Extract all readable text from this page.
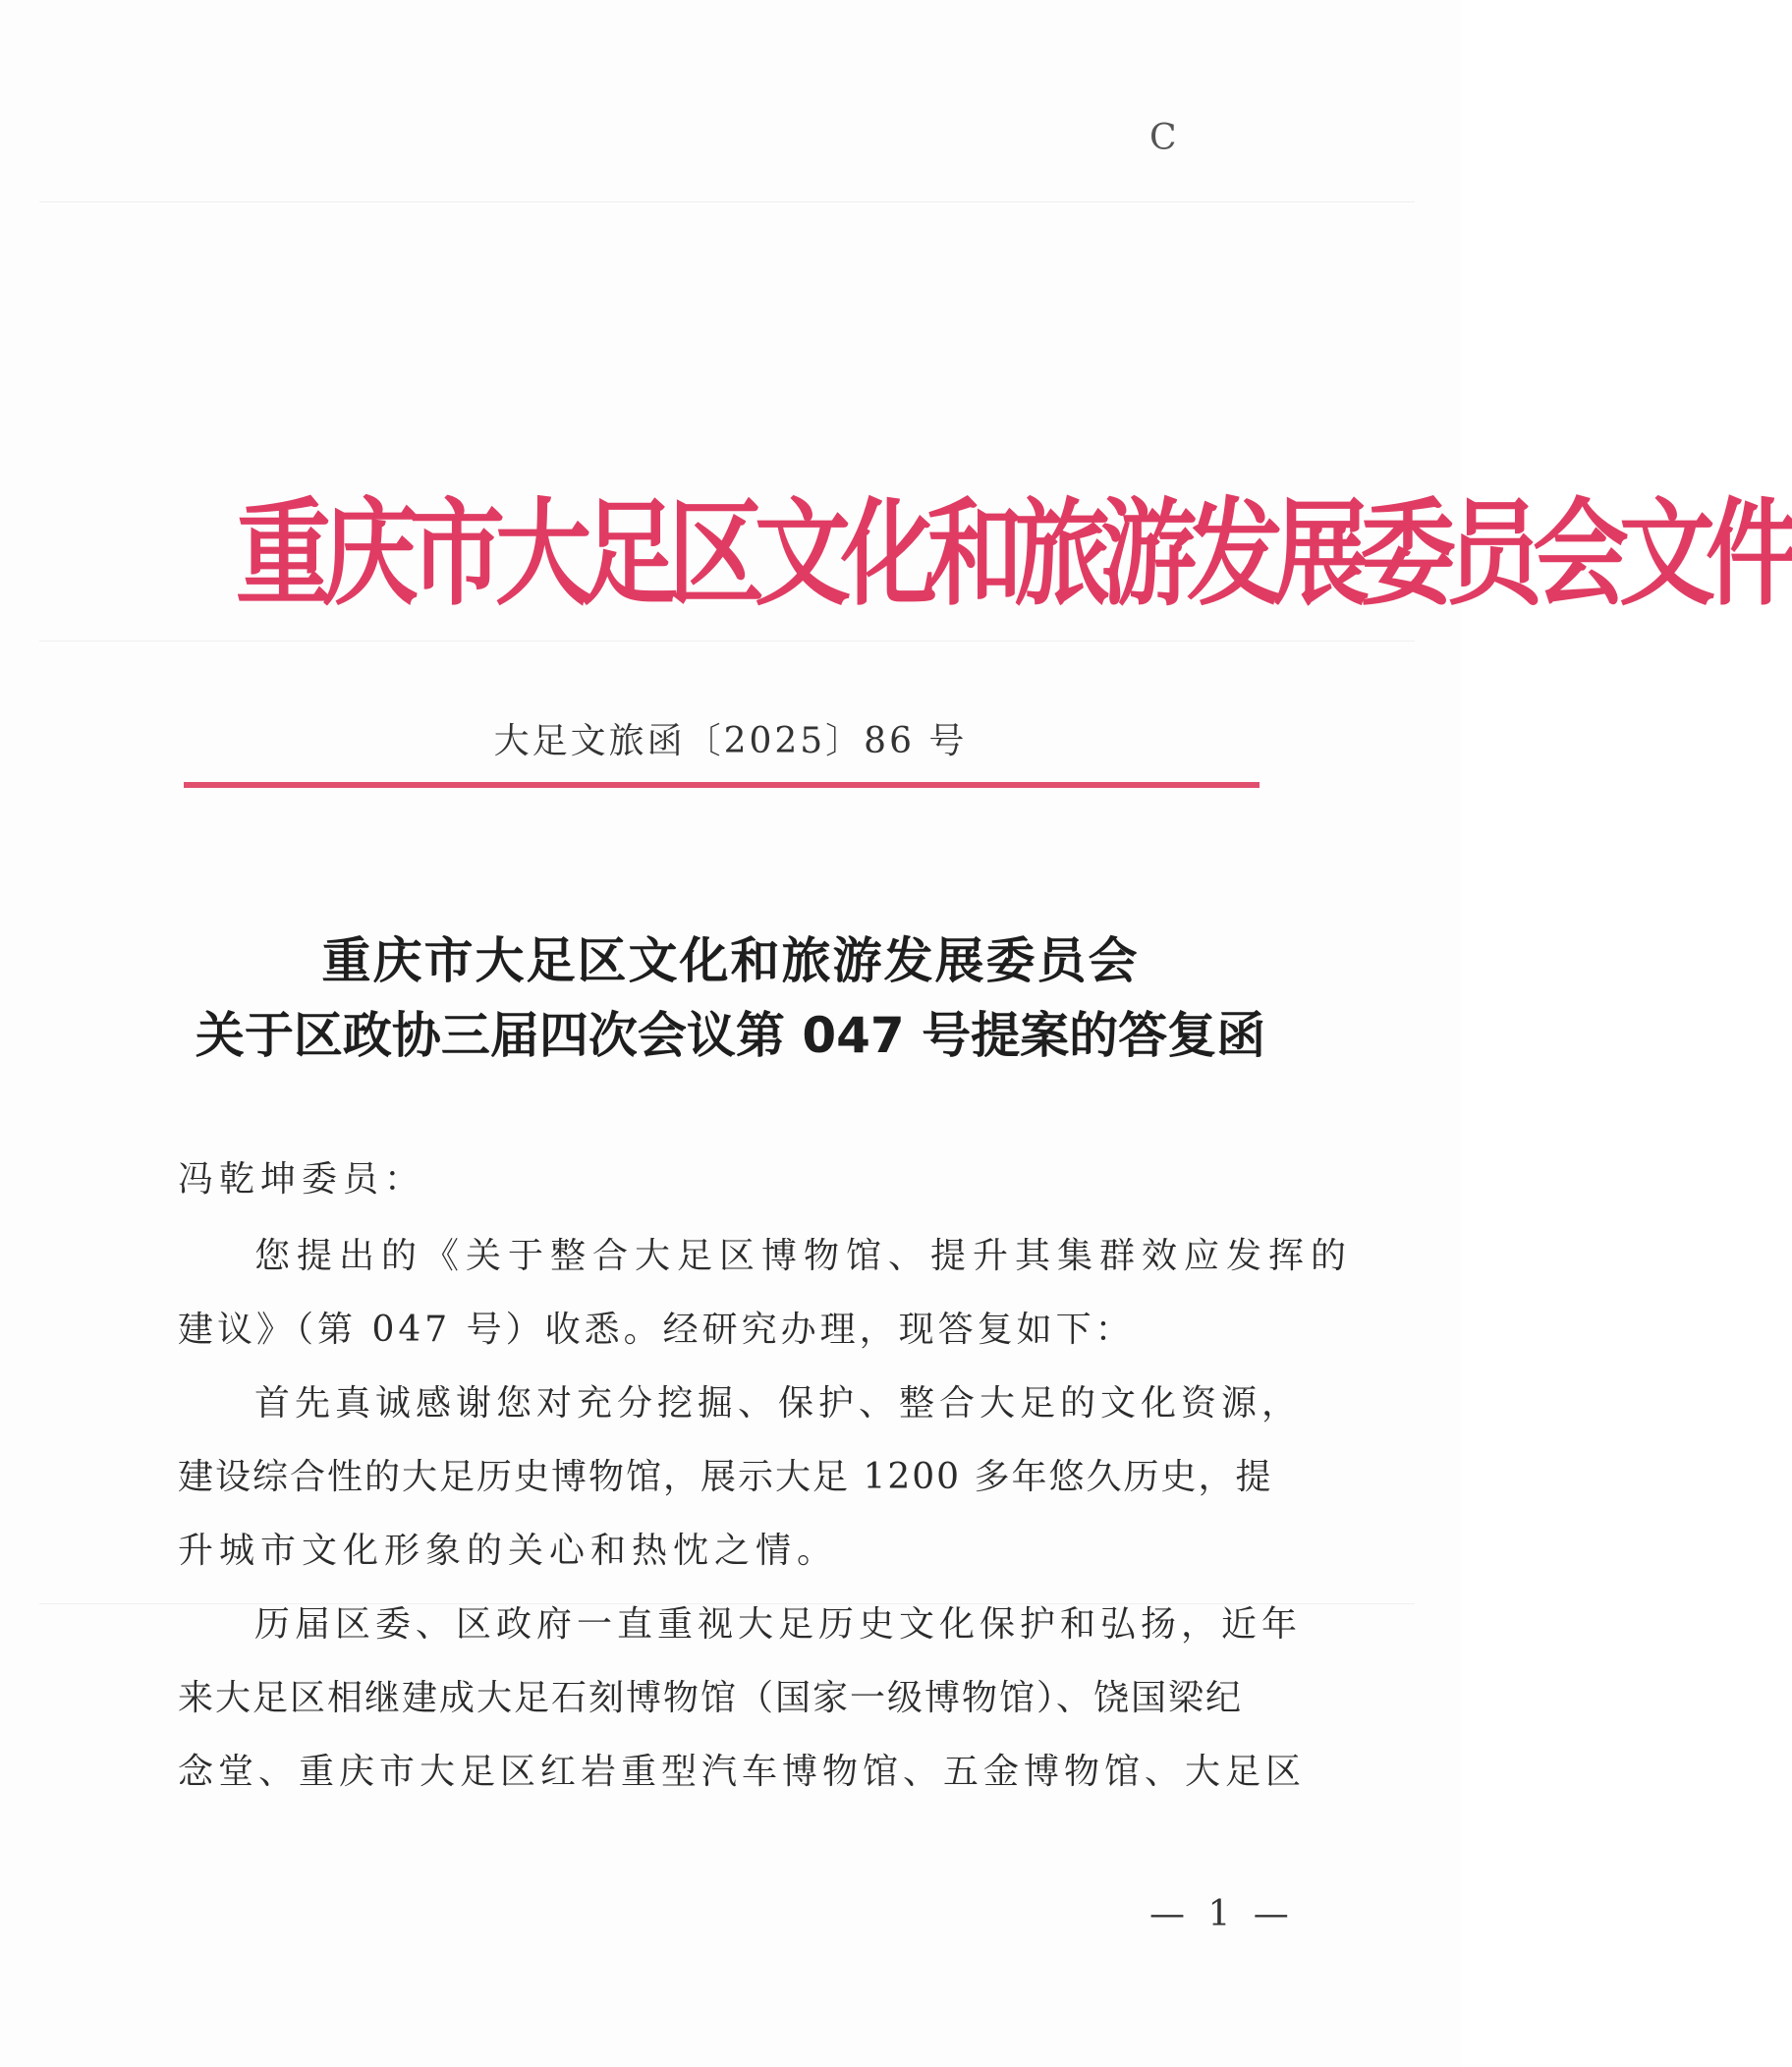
C
重庆市大足区文化和旅游发展委员会文件
大足文旅函〔2025〕86 号
重庆市大足区文化和旅游发展委员会
关于区政协三届四次会议第 047 号提案的答复函
冯乾坤委员：
您提出的《关于整合大足区博物馆、提升其集群效应发挥的
建议》（第 047 号）收悉。经研究办理，现答复如下：
首先真诚感谢您对充分挖掘、保护、整合大足的文化资源，
建设综合性的大足历史博物馆，展示大足 1200 多年悠久历史，提
升城市文化形象的关心和热忱之情。
历届区委、区政府一直重视大足历史文化保护和弘扬，近年
来大足区相继建成大足石刻博物馆（国家一级博物馆）、饶国梁纪
念堂、重庆市大足区红岩重型汽车博物馆、五金博物馆、大足区
— 1 —
